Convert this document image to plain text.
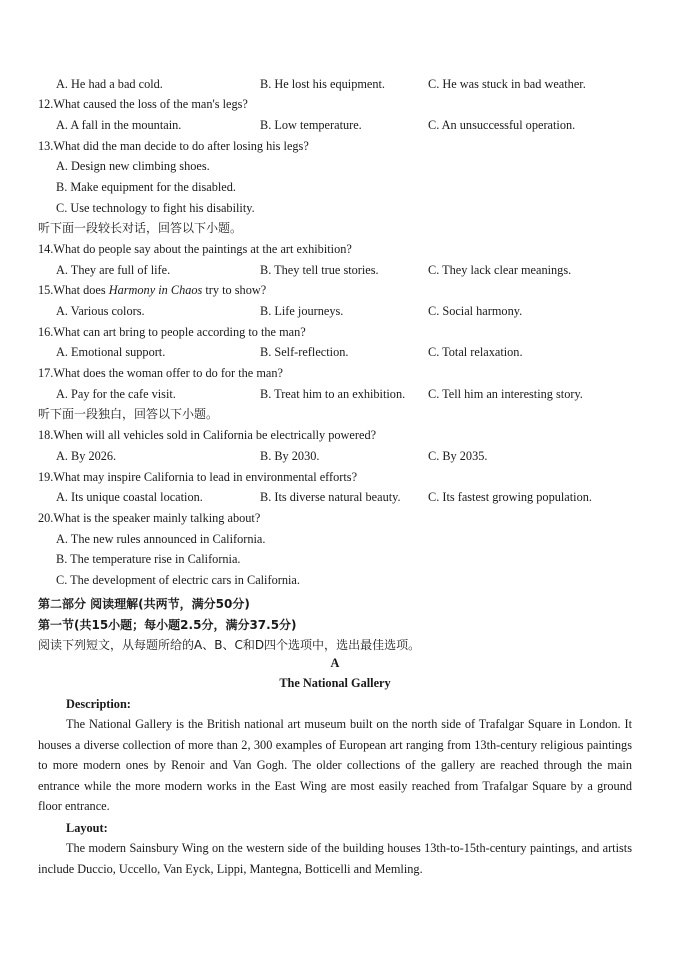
A. He had a bad cold.	B. He lost his equipment.	C. He was stuck in bad weather.
12.What caused the loss of the man's legs?
A. A fall in the mountain.	B. Low temperature.	C. An unsuccessful operation.
13.What did the man decide to do after losing his legs?
A. Design new climbing shoes.
B. Make equipment for the disabled.
C. Use technology to fight his disability.
听下面一段较长对话，回答以下小题。
14.What do people say about the paintings at the art exhibition?
A. They are full of life.	B. They tell true stories.	C. They lack clear meanings.
15.What does Harmony in Chaos try to show?
A. Various colors.	B. Life journeys.	C. Social harmony.
16.What can art bring to people according to the man?
A. Emotional support.	B. Self-reflection.	C. Total relaxation.
17.What does the woman offer to do for the man?
A. Pay for the cafe visit.	B. Treat him to an exhibition. C. Tell him an interesting story.
听下面一段独白，回答以下小题。
18.When will all vehicles sold in California be electrically powered?
A. By 2026.	B. By 2030.	C. By 2035.
19.What may inspire California to lead in environmental efforts?
A. Its unique coastal location.	B. Its diverse natural beauty. C. Its fastest growing population.
20.What is the speaker mainly talking about?
A. The new rules announced in California.
B. The temperature rise in California.
C. The development of electric cars in California.
第二部分 阅读理解(共两节，满分50分)
第一节(共15小题；每小题2.5分，满分37.5分)
阅读下列短文，从每题所给的A、B、C和D四个选项中，选出最佳选项。
A
The National Gallery
Description:
The National Gallery is the British national art museum built on the north side of Trafalgar Square in London. It houses a diverse collection of more than 2, 300 examples of European art ranging from 13th-century religious paintings to more modern ones by Renoir and Van Gogh. The older collections of the gallery are reached through the main entrance while the more modern works in the East Wing are most easily reached from Trafalgar Square by a ground floor entrance.
Layout:
The modern Sainsbury Wing on the western side of the building houses 13th-to-15th-century paintings, and artists include Duccio, Uccello, Van Eyck, Lippi, Mantegna, Botticelli and Memling.
